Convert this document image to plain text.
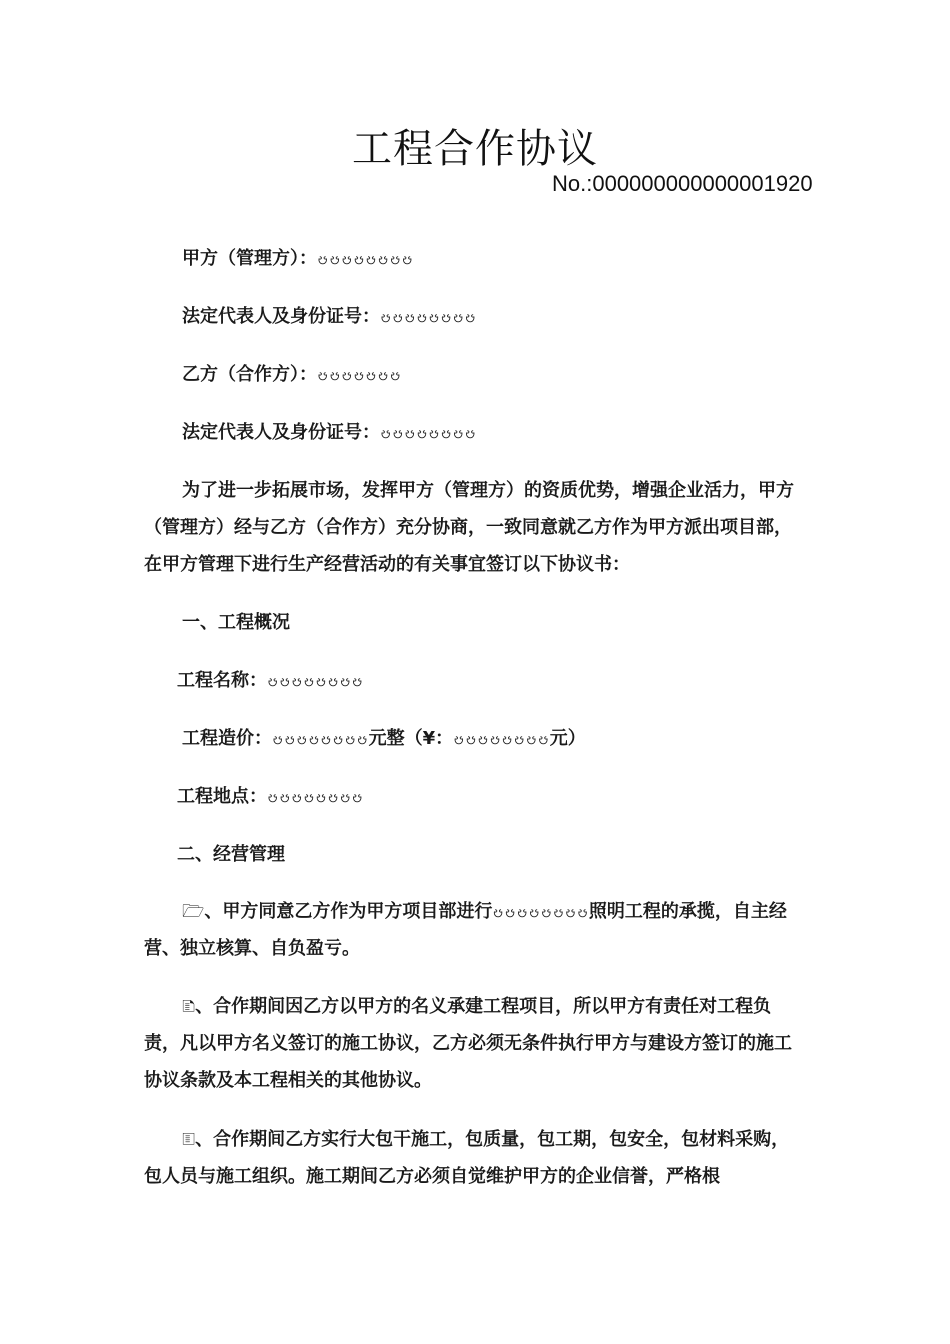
工程合作协议
No.:000000000000001920
甲方（管理方）：ၓၓၓၓၓၓၓၓ
法定代表人及身份证号：ၓၓၓၓၓၓၓၓ
乙方（合作方）：ၓၓၓၓၓၓၓ
法定代表人及身份证号：ၓၓၓၓၓၓၓၓ
为了进一步拓展市场，发挥甲方（管理方）的资质优势，增强企业活力，甲方（管理方）经与乙方（合作方）充分协商，一致同意就乙方作为甲方派出项目部，在甲方管理下进行生产经营活动的有关事宜签订以下协议书：
一、工程概况
工程名称：ၓၓၓၓၓၓၓၓ
工程造价：ၓၓၓၓၓၓၓၓ元整（¥：ၓၓၓၓၓၓၓၓ元）
工程地点：ၓၓၓၓၓၓၓၓ
二、经营管理
🗁、甲方同意乙方作为甲方项目部进行ၓၓၓၓၓၓၓၓ照明工程的承揽，自主经营、独立核算、自负盈亏。
🗈、合作期间因乙方以甲方的名义承建工程项目，所以甲方有责任对工程负责，凡以甲方名义签订的施工协议，乙方必须无条件执行甲方与建设方签订的施工协议条款及本工程相关的其他协议。
🗉、合作期间乙方实行大包干施工，包质量，包工期，包安全，包材料采购，包人员与施工组织。施工期间乙方必须自觉维护甲方的企业信誉，严格根
